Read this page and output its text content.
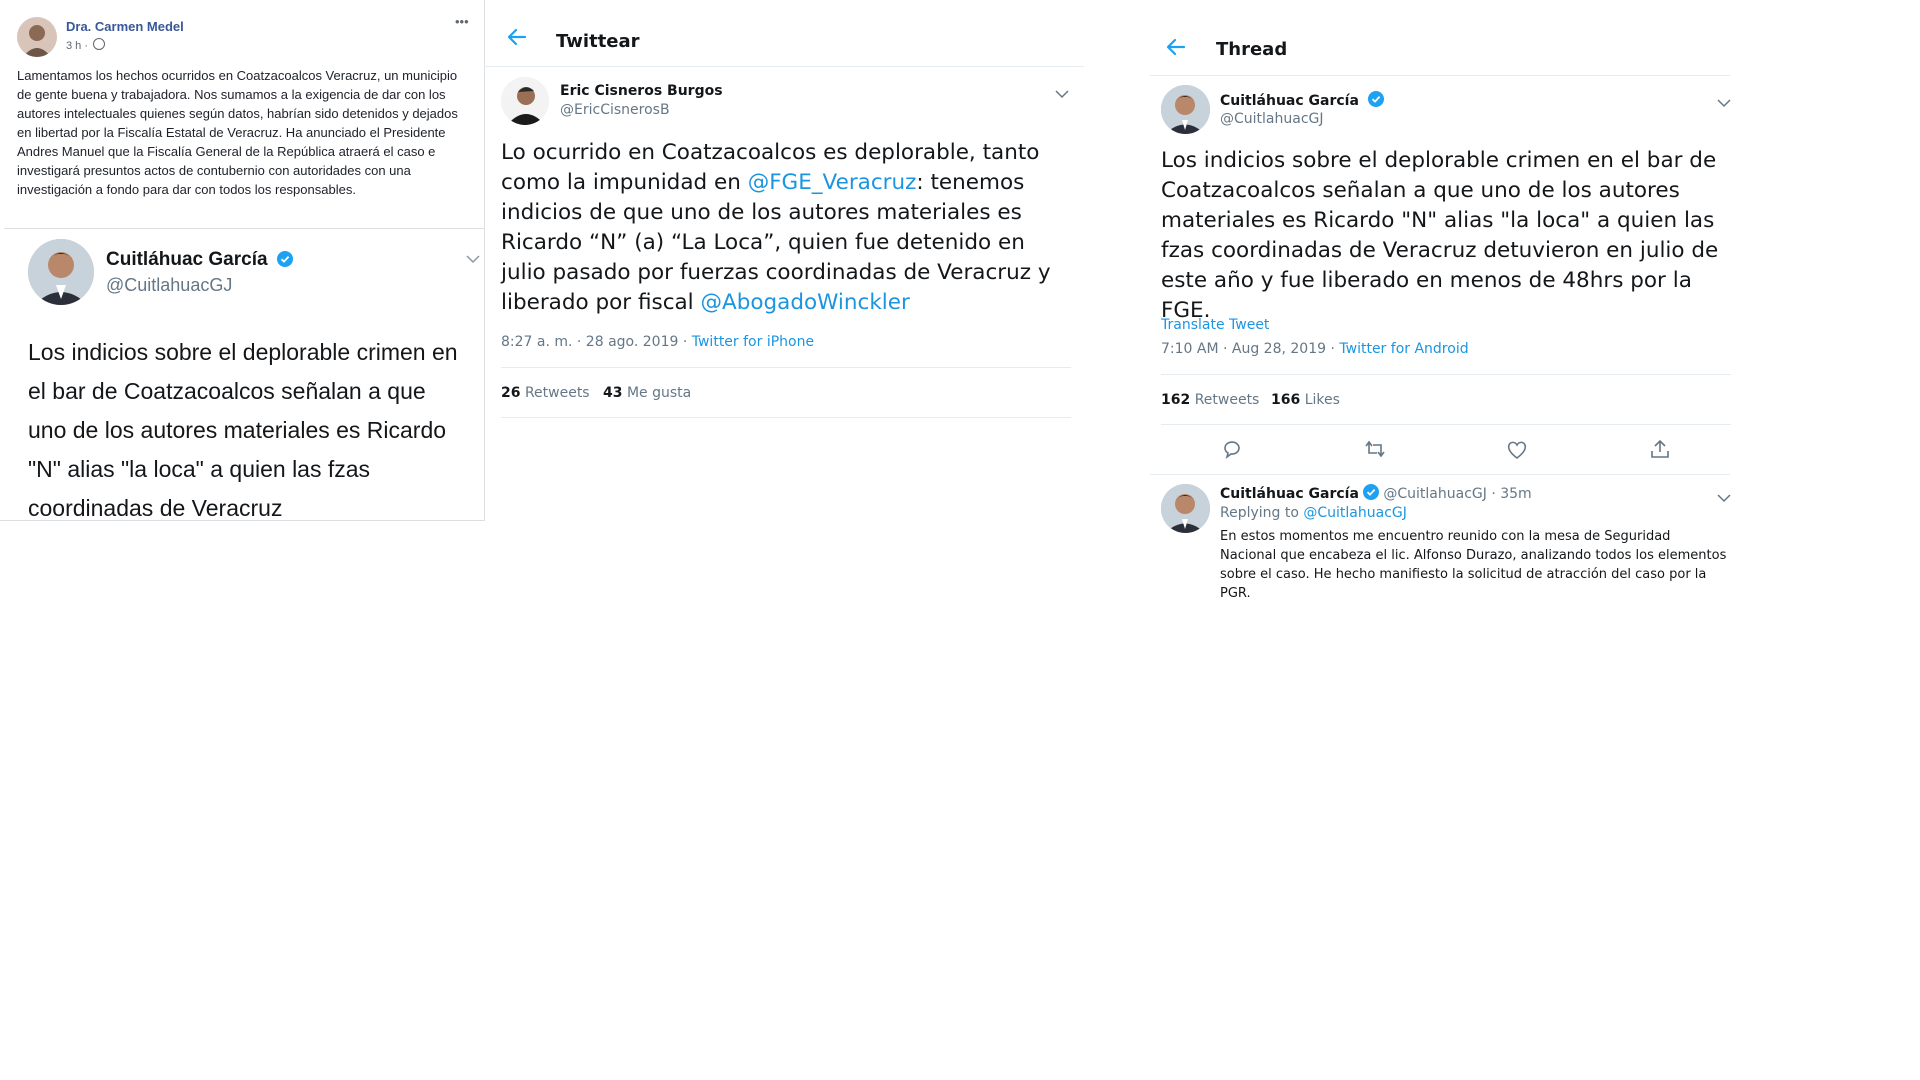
Dra. Carmen Medel
3 h ·
•••
Lamentamos los hechos ocurridos en Coatzacoalcos Veracruz, un municipio de gente buena y trabajadora. Nos sumamos a la exigencia de dar con los autores intelectuales quienes según datos, habrían sido detenidos y dejados en libertad por la Fiscalía Estatal de Veracruz. Ha anunciado el Presidente Andres Manuel que la Fiscalía General de la República atraerá el caso e investigará presuntos actos de contubernio con autoridades con una investigación a fondo para dar con todos los responsables.
Cuitláhuac García
@CuitlahuacGJ
Los indicios sobre el deplorable crimen en el bar de Coatzacoalcos señalan a que uno de los autores materiales es Ricardo "N" alias "la loca" a quien las fzas coordinadas de Veracruz
Twittear
Eric Cisneros Burgos
@EricCisnerosB
Lo ocurrido en Coatzacoalcos es deplorable, tanto como la impunidad en @FGE_Veracruz: tenemos indicios de que uno de los autores materiales es Ricardo “N” (a) “La Loca”, quien fue detenido en julio pasado por fuerzas coordinadas de Veracruz y liberado por fiscal @AbogadoWinckler
8:27 a. m. · 28 ago. 2019 · Twitter for iPhone
26 Retweets 43 Me gusta
Thread
Cuitláhuac García
@CuitlahuacGJ
Los indicios sobre el deplorable crimen en el bar de Coatzacoalcos señalan a que uno de los autores materiales es Ricardo "N" alias "la loca" a quien las fzas coordinadas de Veracruz detuvieron en julio de este año y fue liberado en menos de 48hrs por la FGE.
Translate Tweet
7:10 AM · Aug 28, 2019 · Twitter for Android
162 Retweets 166 Likes
Cuitláhuac García @CuitlahuacGJ · 35m
Replying to @CuitlahuacGJ
En estos momentos me encuentro reunido con la mesa de Seguridad Nacional que encabeza el lic. Alfonso Durazo, analizando todos los elementos sobre el caso. He hecho manifiesto la solicitud de atracción del caso por la PGR.
